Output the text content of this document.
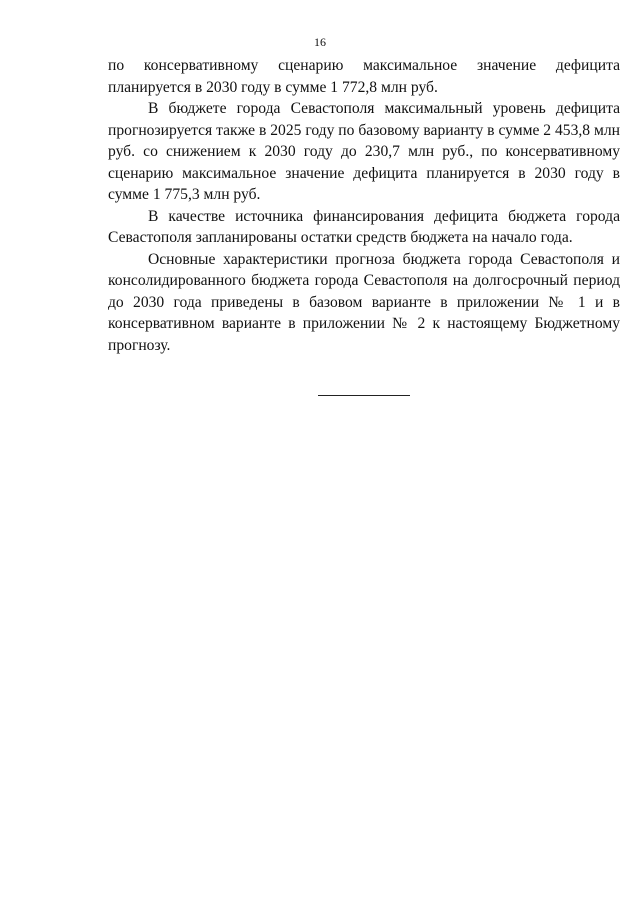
16

по консервативному сценарию максимальное значение дефицита планируется в 2030 году в сумме 1 772,8 млн руб.

В бюджете города Севастополя максимальный уровень дефицита прогнозируется также в 2025 году по базовому варианту в сумме 2 453,8 млн руб. со снижением к 2030 году до 230,7 млн руб., по консервативному сценарию максимальное значение дефицита планируется в 2030 году в сумме 1 775,3 млн руб.

В качестве источника финансирования дефицита бюджета города Севастополя запланированы остатки средств бюджета на начало года.

Основные характеристики прогноза бюджета города Севастополя и консолидированного бюджета города Севастополя на долгосрочный период до 2030 года приведены в базовом варианте в приложении № 1 и в консервативном варианте в приложении № 2 к настоящему Бюджетному прогнозу.
